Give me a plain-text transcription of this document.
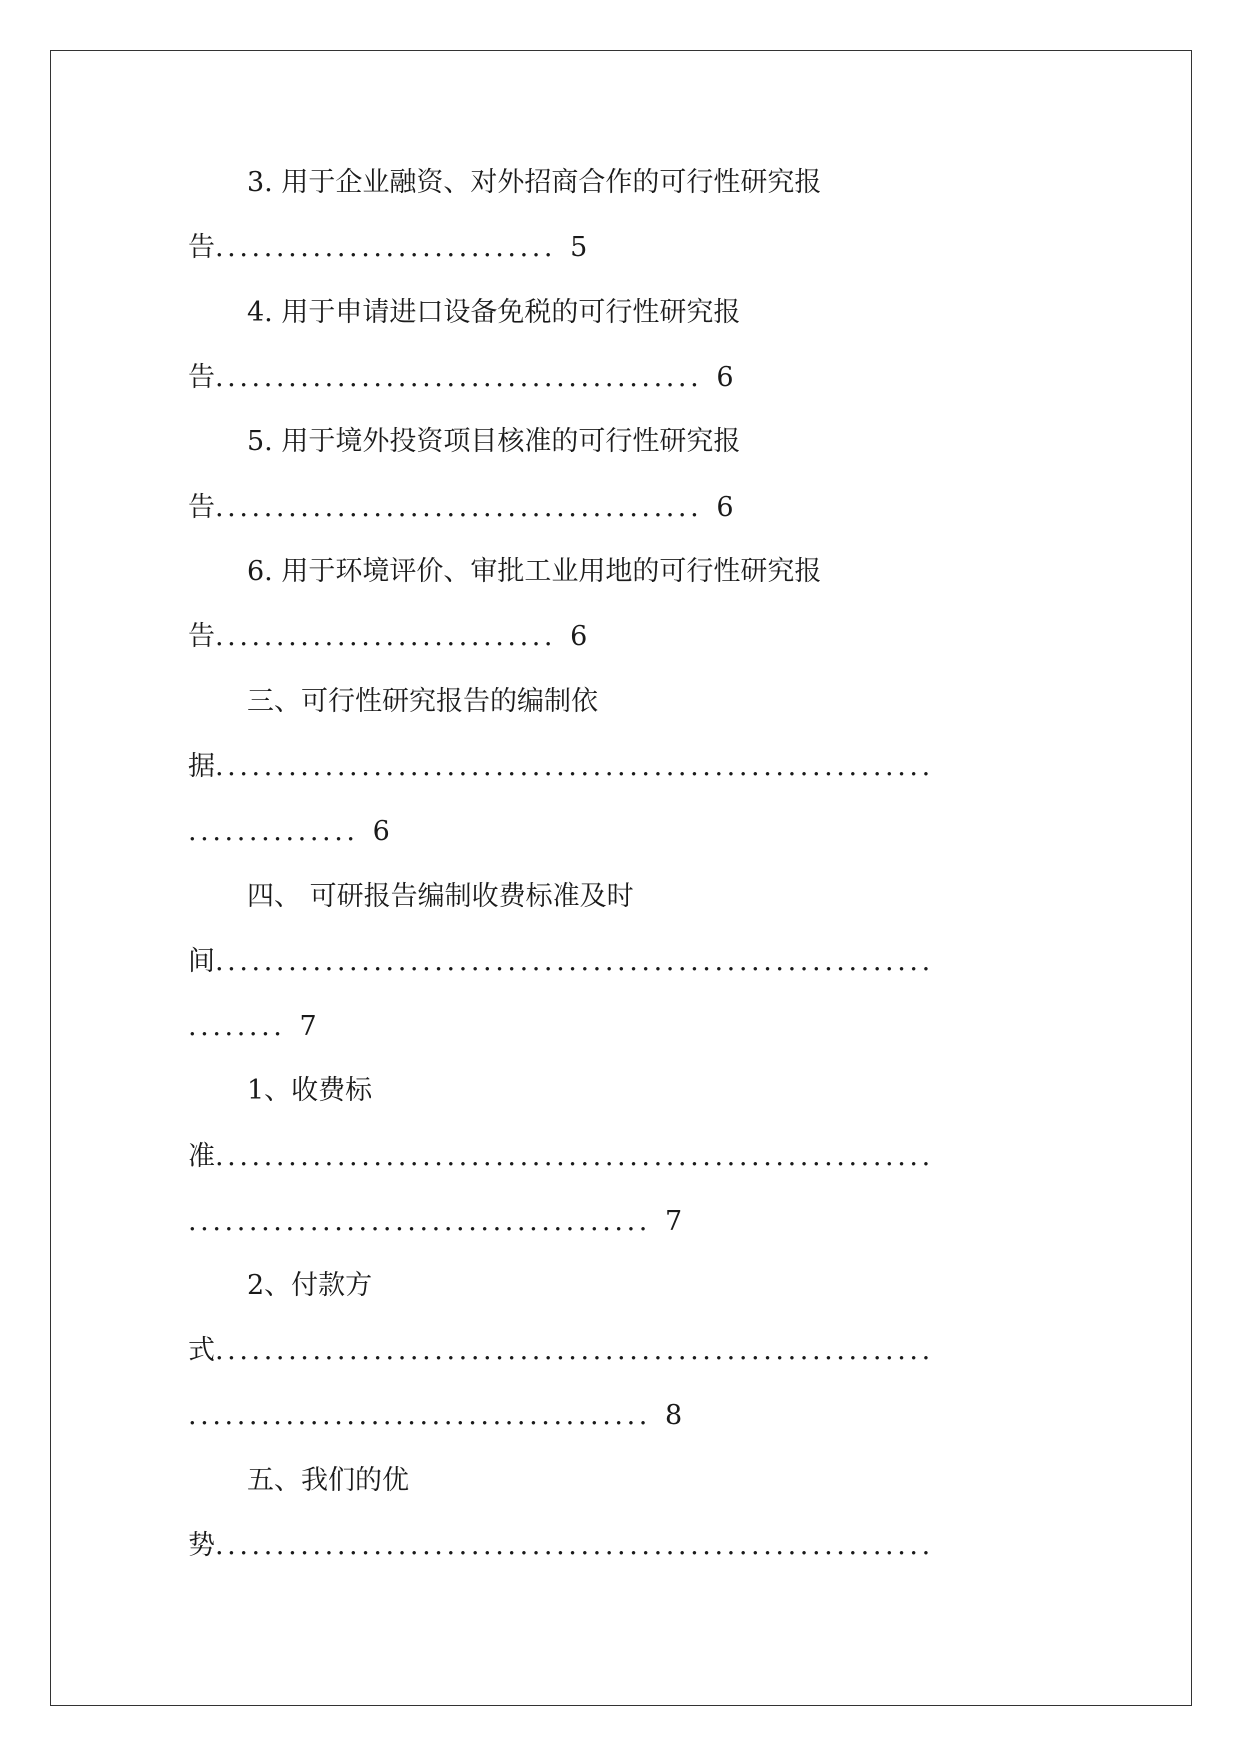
3. 用于企业融资、对外招商合作的可行性研究报
告............................ 5
4. 用于申请进口设备免税的可行性研究报
告........................................ 6
5. 用于境外投资项目核准的可行性研究报
告........................................ 6
6. 用于环境评价、审批工业用地的可行性研究报
告............................ 6
三、可行性研究报告的编制依
据...........................................................
.............. 6
四、 可研报告编制收费标准及时
间...........................................................
........ 7
1、收费标
准...........................................................
...................................... 7
2、付款方
式...........................................................
...................................... 8
五、我们的优
势...........................................................
